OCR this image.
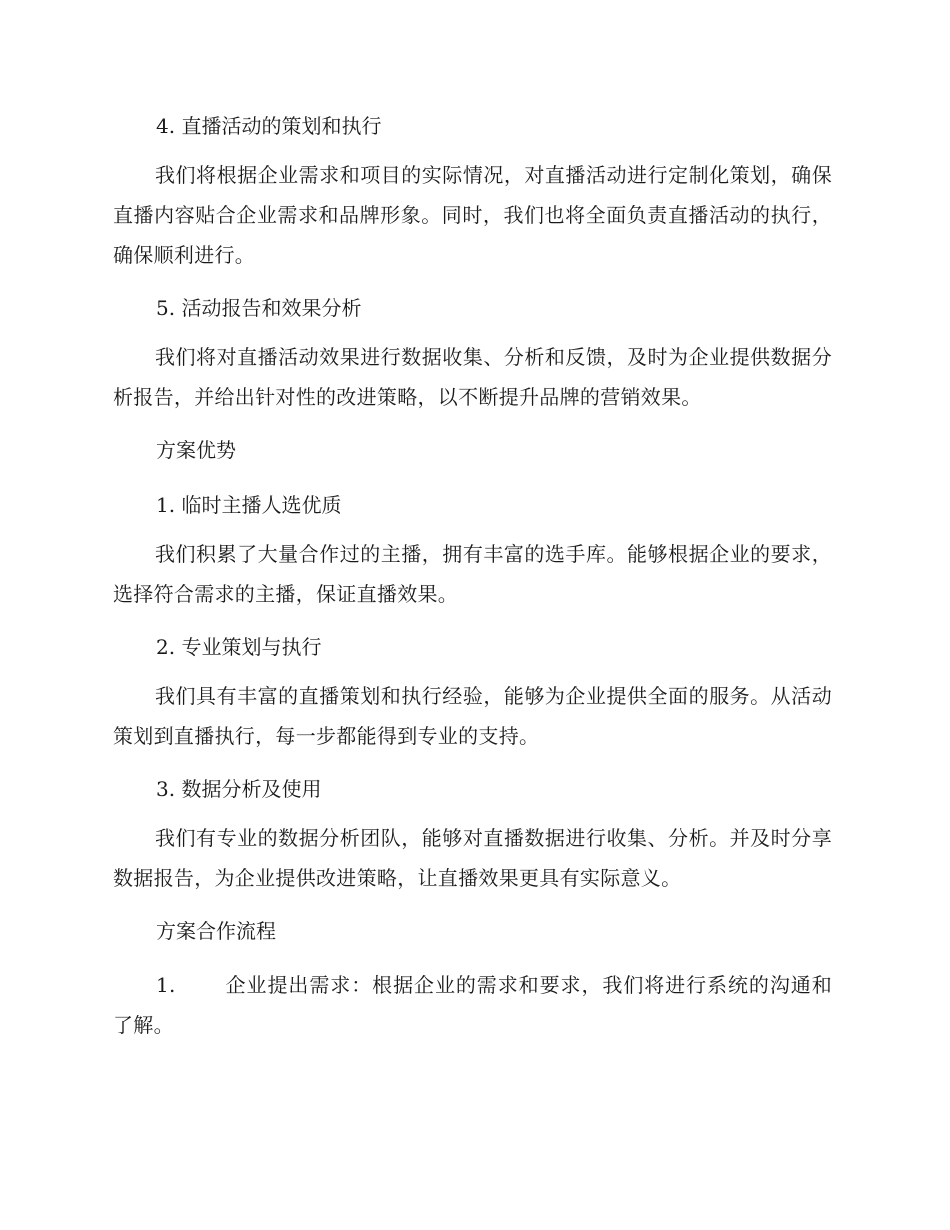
4. 直播活动的策划和执行

我们将根据企业需求和项目的实际情况，对直播活动进行定制化策划，确保直播内容贴合企业需求和品牌形象。同时，我们也将全面负责直播活动的执行，确保顺利进行。

5. 活动报告和效果分析

我们将对直播活动效果进行数据收集、分析和反馈，及时为企业提供数据分析报告，并给出针对性的改进策略，以不断提升品牌的营销效果。

方案优势
1. 临时主播人选优质

我们积累了大量合作过的主播，拥有丰富的选手库。能够根据企业的要求，选择符合需求的主播，保证直播效果。

2. 专业策划与执行

我们具有丰富的直播策划和执行经验，能够为企业提供全面的服务。从活动策划到直播执行，每一步都能得到专业的支持。

3. 数据分析及使用

我们有专业的数据分析团队，能够对直播数据进行收集、分析。并及时分享数据报告，为企业提供改进策略，让直播效果更具有实际意义。

方案合作流程

1. 企业提出需求：根据企业的需求和要求，我们将进行系统的沟通和了解。
